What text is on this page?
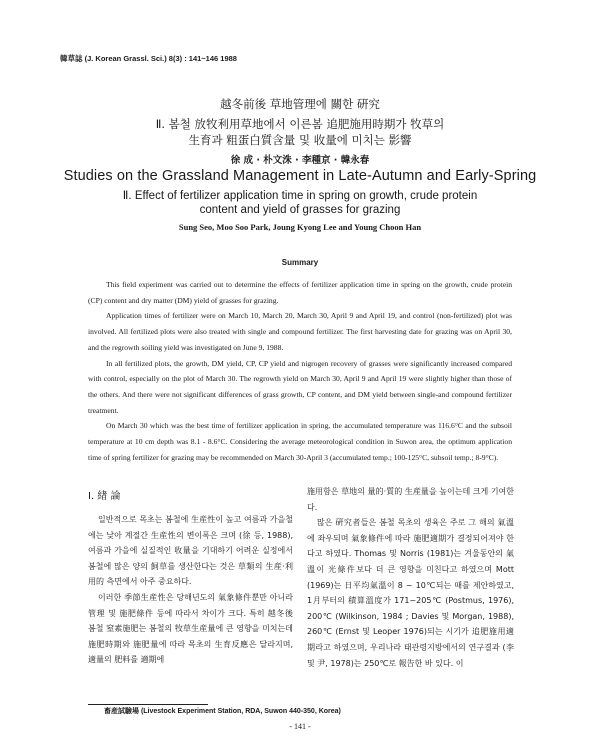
韓草誌 (J. Korean Grassl. Sci.) 8(3) : 141~146 1988
越冬前後 草地管理에 關한 硏究
Ⅱ. 봄철 放牧利用草地에서 이른봄 追肥施用時期가 牧草의
生育과 粗蛋白質含量 및 收量에 미치는 影響
徐 成 · 朴文洙 · 李種京 · 韓永春
Studies on the Grassland Management in Late-Autumn and Early-Spring
Ⅱ. Effect of fertilizer application time in spring on growth, crude protein
content and yield of grasses for grazing
Sung Seo, Moo Soo Park, Joung Kyong Lee and Young Choon Han
Summary

This field experiment was carried out to determine the effects of fertilizer application time in spring on the growth, crude protein (CP) content and dry matter (DM) yield of grasses for grazing.

Application times of fertilizer were on March 10, March 20, March 30, April 9 and April 19, and control (non-fertilized) plot was involved. All fertilized plots were also treated with single and compound fertilizer. The first harvesting date for grazing was on April 30, and the regrowth soiling yield was investigated on June 9, 1988.

In all fertilized plots, the growth, DM yield, CP, CP yield and nigrogen recovery of grasses were significantly increased compared with control, especially on the plot of March 30. The regrowth yield on March 30, April 9 and April 19 were slightly higher than those of the others. And there were not significant differences of grass growth, CP content, and DM yield between single-and compound fertilizer treatment.

On March 30 which was the best time of fertilizer application in spring, the accumulated temperature was 116.6°C and the subsoil temperature at 10 cm depth was 8.1 - 8.6°C. Considering the average meteorological condition in Suwon area, the optimum application time of spring fertilizer for grazing may be recommended on March 30-April 3 (accumulated temp.; 100-125°C, subsoil temp.; 8-9°C).

Ⅰ. 緖 論

일반적으로 목초는 봄철에 生産性이 높고 여름과 가을철에는 낮아 계절간 生産性의 변이폭은 크며 (徐 등, 1988), 여름과 가을에 실질적인 收量을 기대하기 어려운 실정에서 봄철에 많은 양의 飼草를 생산한다는 것은 草類의 生産·利用的 측면에서 아주 중요하다.

이러한 季節生産性은 당해년도의 氣象條件뿐만 아니라 管理 및 施肥條件 등에 따라서 차이가 크다. 특히 越冬後 봄철 窒素施肥는 봄철의 牧草生産量에 큰 영향을 미치는데 施肥時期와 施肥量에 따라 목초의 生育反應은 달라지며, 適量의 肥料를 適期에

施用함은 草地의 量的·質的 生産量을 높이는데 크게 기여한다.

많은 硏究者들은 봄철 목초의 생육은 주로 그 해의 氣溫에 좌우되며 氣象條件에 따라 施肥適期가 결정되어져야 한다고 하였다. Thomas 및 Norris (1981)는 겨울동안의 氣溫이 光條件보다 더 큰 영향을 미친다고 하였으며 Mott (1969)는 日平均氣溫이 8 ~ 10℃되는 때를 제안하였고, 1月부터의 積算溫度가 171~205℃ (Postmus, 1976), 200℃ (Wilkinson, 1984 ; Davies 및 Morgan, 1988), 260℃ (Ernst 및 Leoper 1976)되는 시기가 追肥施用適期라고 하였으며, 우리나라 태관령지방에서의 연구결과 (李 및 尹, 1978)는 250℃로 報告한 바 있다. 이

畜産試驗場 (Livestock Experiment Station, RDA, Suwon 440-350, Korea)
- 141 -
